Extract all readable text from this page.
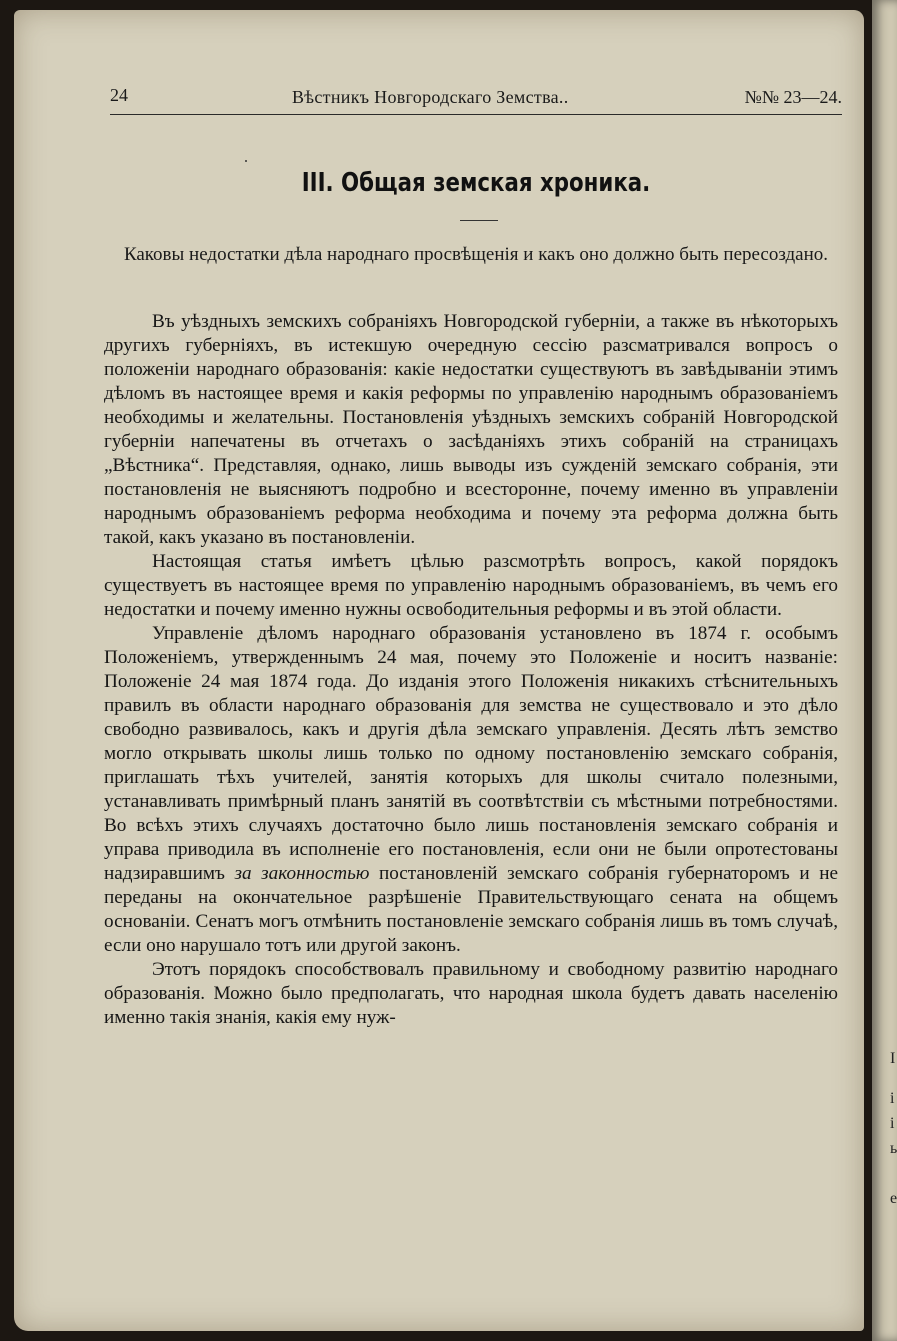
І
і
і
ь
е
24	Вѣстникъ Новгородскаго Земства..	№№ 23—24.
III. Общая земская хроника.
Каковы недостатки дѣла народнаго просвѣщенія и какъ оно должно быть пересоздано.

Въ уѣздныхъ земскихъ собраніяхъ Новгородской губерніи, а также въ нѣкоторыхъ другихъ губерніяхъ, въ истекшую очередную сессію разсматривался вопросъ о положеніи народнаго образованія: какіе недостатки существуютъ въ завѣдываніи этимъ дѣломъ въ настоящее время и какія реформы по управленію народнымъ образованіемъ необходимы и желательны. Постановленія уѣздныхъ земскихъ собраній Новгородской губерніи напечатены въ отчетахъ о засѣданіяхъ этихъ собраній на страницахъ „Вѣстника“. Представляя, однако, лишь выводы изъ сужденій земскаго собранія, эти постановленія не выясняютъ подробно и всесторонне, почему именно въ управленіи народнымъ образованіемъ реформа необходима и почему эта реформа должна быть такой, какъ указано въ постановленіи.

Настоящая статья имѣетъ цѣлью разсмотрѣть вопросъ, какой порядокъ существуетъ въ настоящее время по управленію народнымъ образованіемъ, въ чемъ его недостатки и почему именно нужны освободительныя реформы и въ этой области.

Управленіе дѣломъ народнаго образованія установлено въ 1874 г. особымъ Положеніемъ, утвержденнымъ 24 мая, почему это Положеніе и носитъ названіе: Положеніе 24 мая 1874 года. До изданія этого Положенія никакихъ стѣснительныхъ правилъ въ области народнаго образованія для земства не существовало и это дѣло свободно развивалось, какъ и другія дѣла земскаго управленія. Десять лѣтъ земство могло открывать школы лишь только по одному постановленію земскаго собранія, приглашать тѣхъ учителей, занятія которыхъ для школы считало полезными, устанавливать примѣрный планъ занятій въ соотвѣтствіи съ мѣстными потребностями. Во всѣхъ этихъ случаяхъ достаточно было лишь постановленія земскаго собранія и управа приводила въ исполненіе его постановленія, если они не были опротестованы надзиравшимъ за законностью постановленій земскаго собранія губернаторомъ и не переданы на окончательное разрѣшеніе Правительствующаго сената на общемъ основаніи. Сенатъ могъ отмѣнить постановленіе земскаго собранія лишь въ томъ случаѣ, если оно нарушало тотъ или другой законъ.

Этотъ порядокъ способствовалъ правильному и свободному развитію народнаго образованія. Можно было предполагать, что народная школа будетъ давать населенію именно такія знанія, какія ему нуж-
